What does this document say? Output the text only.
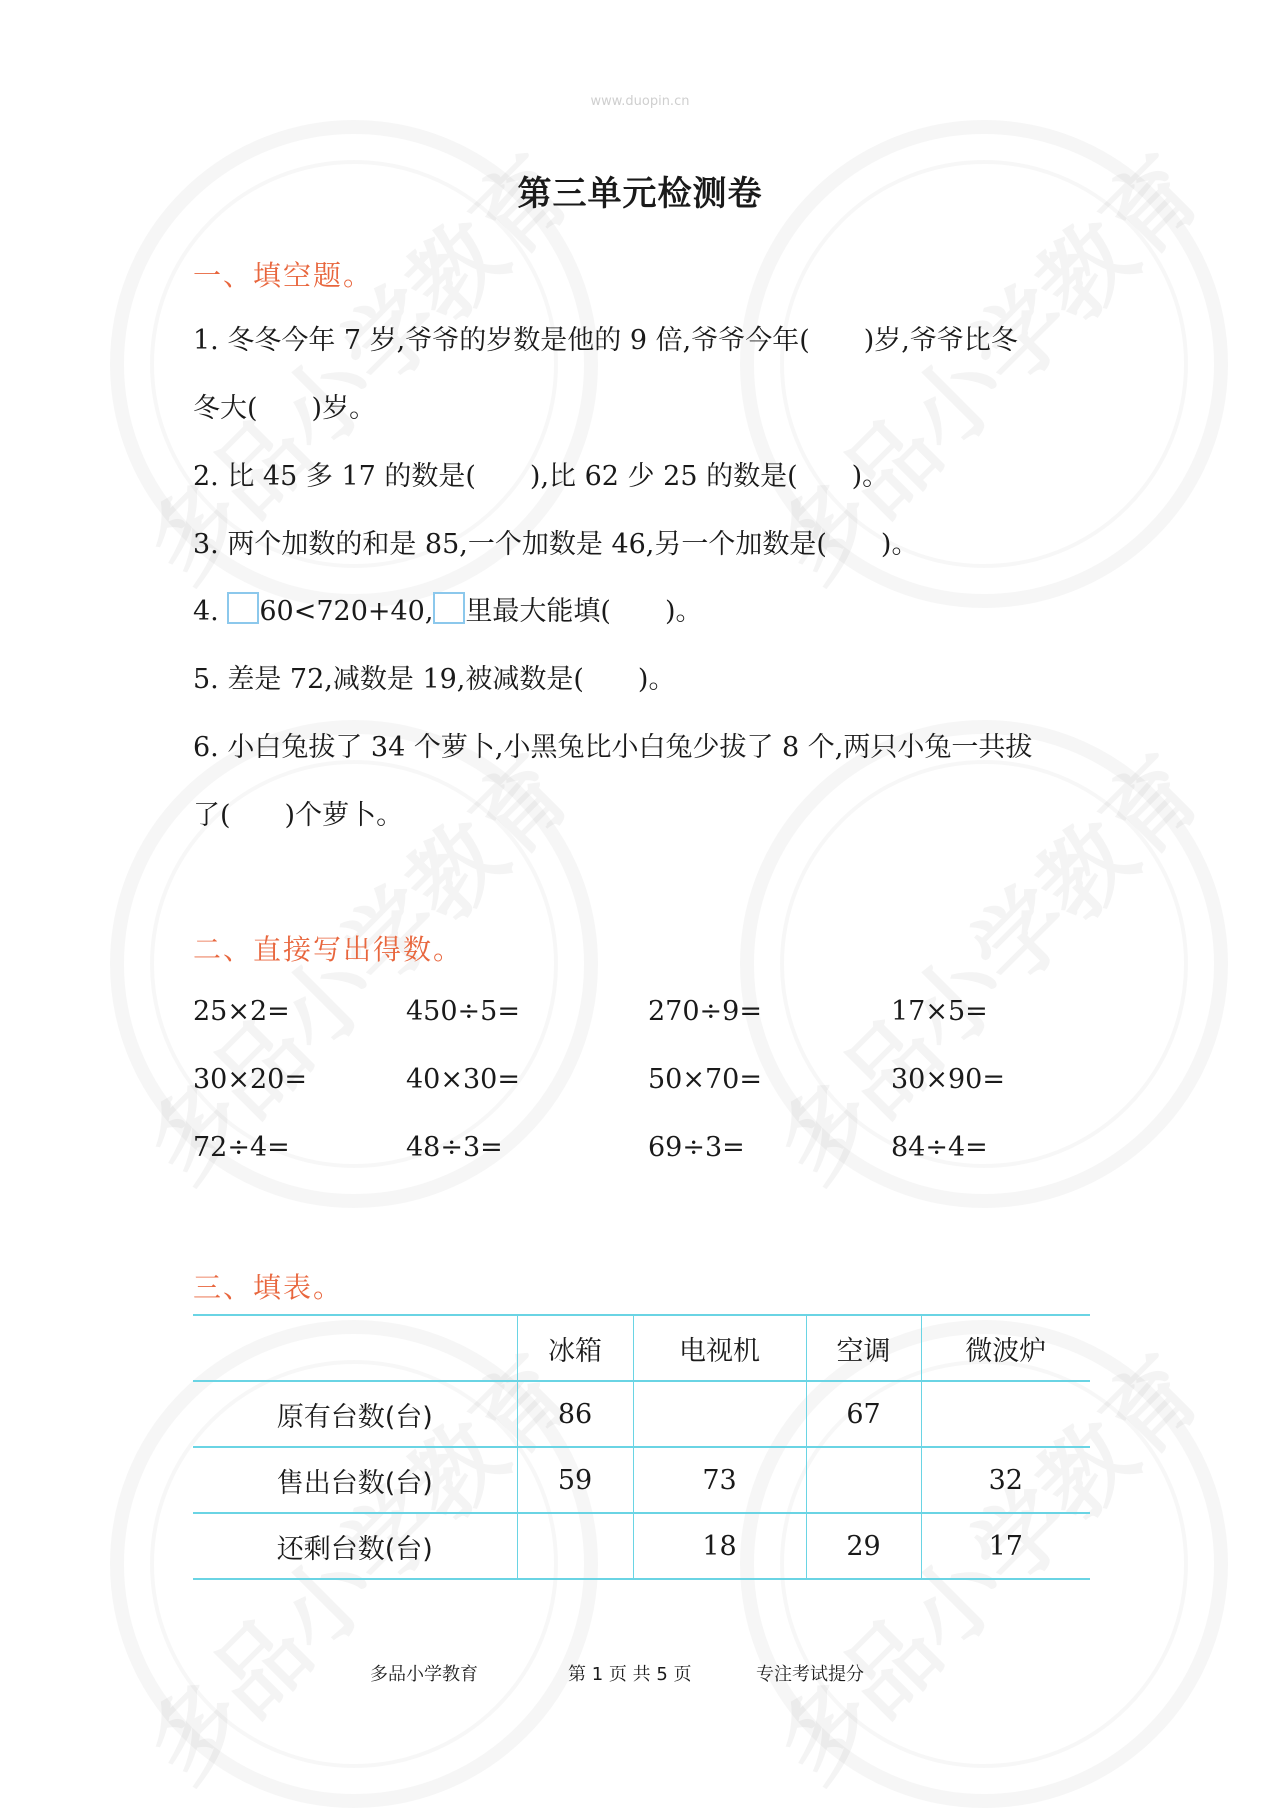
www.duopin.cn
第三单元检测卷
一、填空题。
1. 冬冬今年 7 岁,爷爷的岁数是他的 9 倍,爷爷今年(　　)岁,爷爷比冬
冬大(　　)岁。
2. 比 45 多 17 的数是(　　),比 62 少 25 的数是(　　)。
3. 两个加数的和是 85,一个加数是 46,另一个加数是(　　)。
4. 60<720+40, 里最大能填(　　)。
5. 差是 72,减数是 19,被减数是(　　)。
6. 小白兔拔了 34 个萝卜,小黑兔比小白兔少拔了 8 个,两只小兔一共拔
了(　　)个萝卜。
二、直接写出得数。
25×2=	450÷5=	270÷9=	17×5=
30×20=	40×30=	50×70=	30×90=
72÷4=	48÷3=	69÷3=	84÷4=
三、填表。
	冰箱	电视机	空调	微波炉
原有台数(台)	86		67	
售出台数(台)	59	73		32
还剩台数(台)		18	29	17
多品小学教育	第 1 页 共 5 页	专注考试提分
